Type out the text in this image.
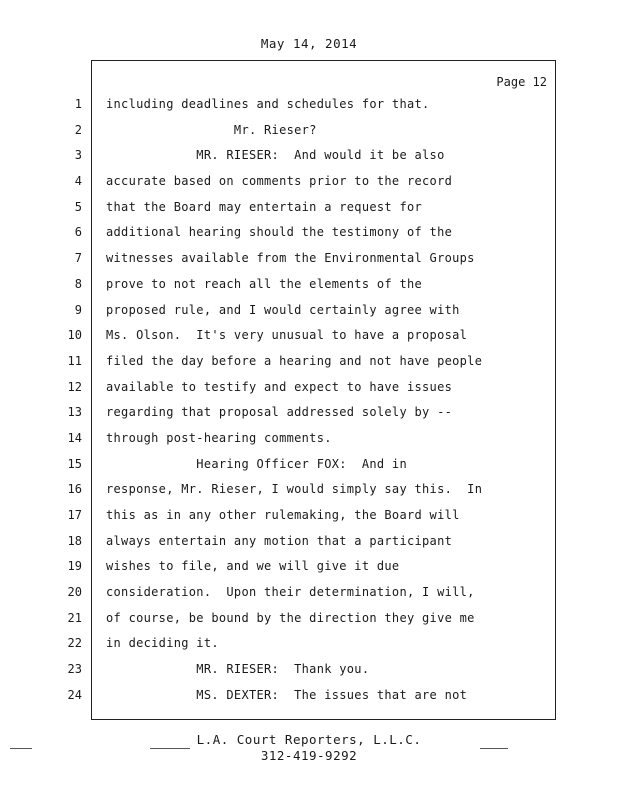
May 14, 2014
Page 12
1
2
3
4
5
6
7
8
9
10
11
12
13
14
15
16
17
18
19
20
21
22
23
24
including deadlines and schedules for that.
Mr. Rieser?
MR. RIESER:  And would it be also
accurate based on comments prior to the record
that the Board may entertain a request for
additional hearing should the testimony of the
witnesses available from the Environmental Groups
prove to not reach all the elements of the
proposed rule, and I would certainly agree with
Ms. Olson.  It's very unusual to have a proposal
filed the day before a hearing and not have people
available to testify and expect to have issues
regarding that proposal addressed solely by --
through post-hearing comments.
Hearing Officer FOX:  And in
response, Mr. Rieser, I would simply say this.  In
this as in any other rulemaking, the Board will
always entertain any motion that a participant
wishes to file, and we will give it due
consideration.  Upon their determination, I will,
of course, be bound by the direction they give me
in deciding it.
MR. RIESER:  Thank you.
MS. DEXTER:  The issues that are not
L.A. Court Reporters, L.L.C.
312-419-9292
